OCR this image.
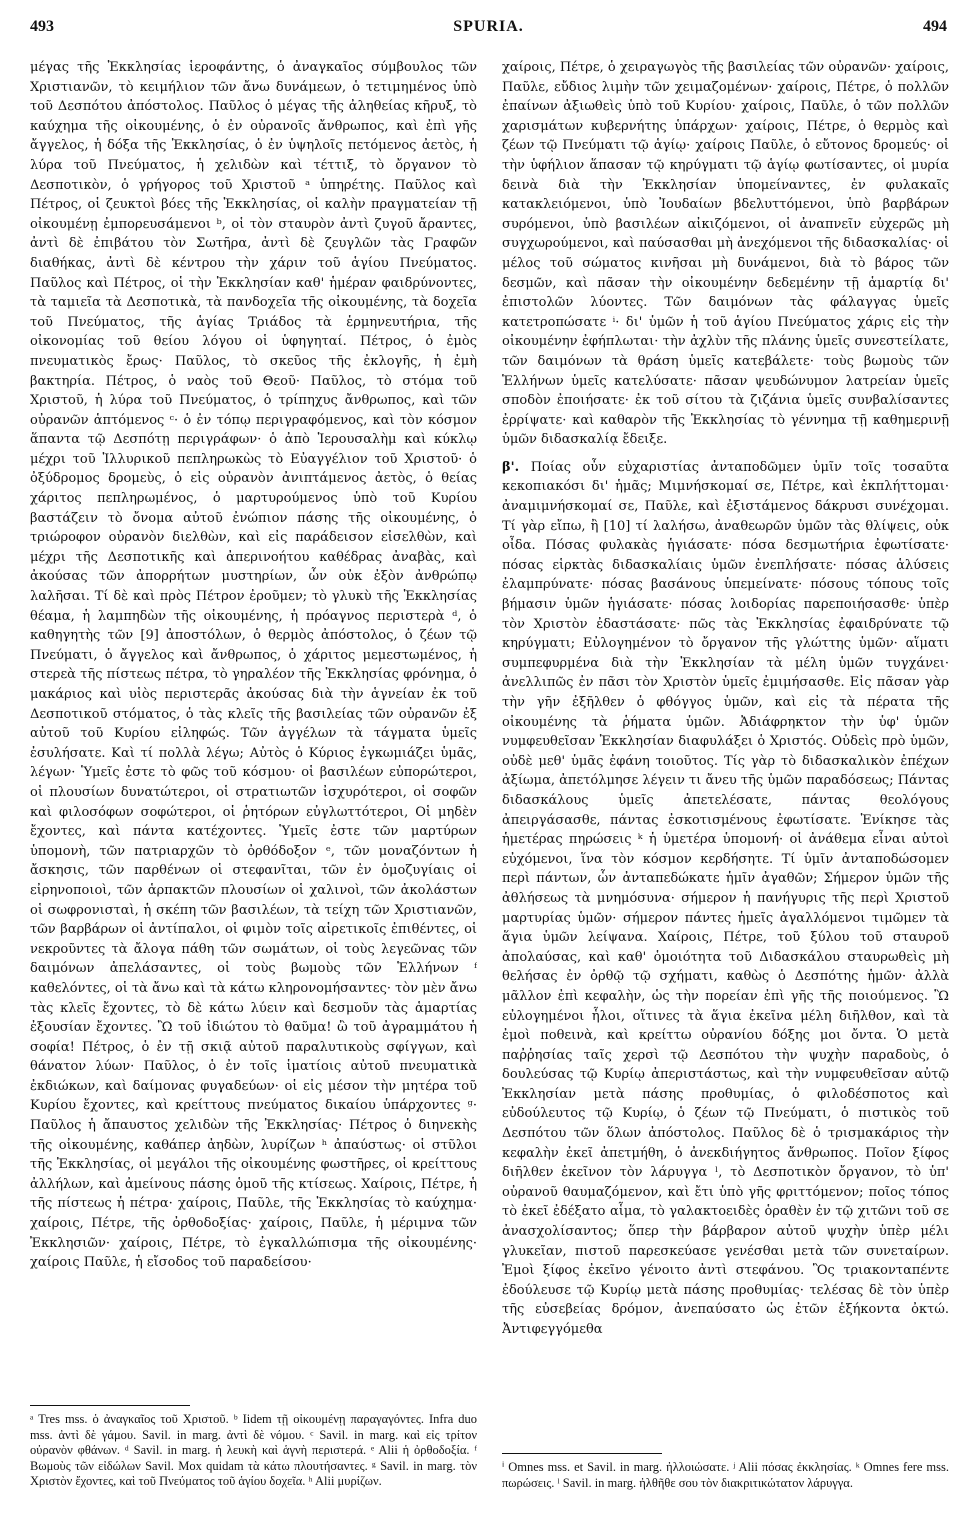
493	SPURIA.	494

μέγας τῆς Ἐκκλησίας ἱεροφάντης, ὁ ἀναγκαῖος σύμβουλος τῶν Χριστιανῶν, τὸ κειμήλιον τῶν ἄνω δυνάμεων, ὁ τετιμημένος ὑπὸ τοῦ Δεσπότου ἀπόστολος. Παῦλος ὁ μέγας τῆς ἀληθείας κῆρυξ, τὸ καύχημα τῆς οἰκουμένης, ὁ ἐν οὐρανοῖς ἄνθρωπος, καὶ ἐπὶ γῆς ἄγγελος, ἡ δόξα τῆς Ἐκκλησίας, ὁ ἐν ὑψηλοῖς πετόμενος ἀετὸς, ἡ λύρα τοῦ Πνεύματος, ἡ χελιδὼν καὶ τέττιξ, τὸ ὄργανον τὸ Δεσποτικὸν, ὁ γρήγορος τοῦ Χριστοῦ ᵃ ὑπηρέτης. Παῦλος καὶ Πέτρος, οἱ ζευκτοὶ βόες τῆς Ἐκκλησίας, οἱ καλὴν πραγματείαν τῇ οἰκουμένῃ ἐμπορευσάμενοι ᵇ, οἱ τὸν σταυρὸν ἀντὶ ζυγοῦ ἄραντες, ἀντὶ δὲ ἐπιβάτου τὸν Σωτῆρα, ἀντὶ δὲ ζευγλῶν τὰς Γραφῶν διαθήκας, ἀντὶ δὲ κέντρου τὴν χάριν τοῦ ἁγίου Πνεύματος. Παῦλος καὶ Πέτρος, οἱ τὴν Ἐκκλησίαν καθ' ἡμέραν φαιδρύνοντες, τὰ ταμιεῖα τὰ Δεσποτικὰ, τὰ πανδοχεῖα τῆς οἰκουμένης, τὰ δοχεῖα τοῦ Πνεύματος, τῆς ἁγίας Τριάδος τὰ ἑρμηνευτήρια, τῆς οἰκονομίας τοῦ θείου λόγου οἱ ὑφηγηταί. Πέτρος, ὁ ἐμὸς πνευματικὸς ἔρως· Παῦλος, τὸ σκεῦος τῆς ἐκλογῆς, ἡ ἐμὴ βακτηρία. Πέτρος, ὁ ναὸς τοῦ Θεοῦ· Παῦλος, τὸ στόμα τοῦ Χριστοῦ, ἡ λύρα τοῦ Πνεύματος, ὁ τρίπηχυς ἄνθρωπος, καὶ τῶν οὐρανῶν ἁπτόμενος ᶜ· ὁ ἐν τόπῳ περιγραφόμενος, καὶ τὸν κόσμον ἅπαντα τῷ Δεσπότῃ περιγράφων· ὁ ἀπὸ Ἱερουσαλὴμ καὶ κύκλῳ μέχρι τοῦ Ἰλλυρικοῦ πεπληρωκὼς τὸ Εὐαγγέλιον τοῦ Χριστοῦ· ὁ ὀξύδρομος δρομεὺς, ὁ εἰς οὐρανὸν ἀνιπτάμενος ἀετὸς, ὁ θείας χάριτος πεπληρωμένος, ὁ μαρτυρούμενος ὑπὸ τοῦ Κυρίου βαστάζειν τὸ ὄνομα αὐτοῦ ἐνώπιον πάσης τῆς οἰκουμένης, ὁ τριώροφον οὐρανὸν διελθὼν, καὶ εἰς παράδεισον εἰσελθὼν, καὶ μέχρι τῆς Δεσποτικῆς καὶ ἀπερινοήτου καθέδρας ἀναβὰς, καὶ ἀκούσας τῶν ἀπορρήτων μυστηρίων, ὧν οὐκ ἐξὸν ἀνθρώπῳ λαλῆσαι. Τί δὲ καὶ πρὸς Πέτρον ἐροῦμεν; τὸ γλυκὺ τῆς Ἐκκλησίας θέαμα, ἡ λαμπηδὼν τῆς οἰκουμένης, ἡ πρόαγνος περιστερὰ ᵈ, ὁ καθηγητὴς τῶν [9] ἀποστόλων, ὁ θερμὸς ἀπόστολος, ὁ ζέων τῷ Πνεύματι, ὁ ἄγγελος καὶ ἄνθρωπος, ὁ χάριτος μεμεστωμένος, ἡ στερεὰ τῆς πίστεως πέτρα, τὸ γηραλέον τῆς Ἐκκλησίας φρόνημα, ὁ μακάριος καὶ υἱὸς περιστερᾶς ἀκούσας διὰ τὴν ἁγνείαν ἐκ τοῦ Δεσποτικοῦ στόματος, ὁ τὰς κλεῖς τῆς βασιλείας τῶν οὐρανῶν ἐξ αὐτοῦ τοῦ Κυρίου εἰληφώς. Τῶν ἀγγέλων τὰ τάγματα ὑμεῖς ἐσυλήσατε. Καὶ τί πολλὰ λέγω; Αὐτὸς ὁ Κύριος ἐγκωμιάζει ὑμᾶς, λέγων· Ὑμεῖς ἐστε τὸ φῶς τοῦ κόσμου· οἱ βασιλέων εὐπορώτεροι, οἱ πλουσίων δυνατώτεροι, οἱ στρατιωτῶν ἰσχυρότεροι, οἱ σοφῶν καὶ φιλοσόφων σοφώτεροι, οἱ ῥητόρων εὐγλωττότεροι, Οἱ μηδὲν ἔχοντες, καὶ πάντα κατέχοντες. Ὑμεῖς ἐστε τῶν μαρτύρων ὑπομονὴ, τῶν πατριαρχῶν τὸ ὀρθόδοξον ᵉ, τῶν μοναζόντων ἡ ἄσκησις, τῶν παρθένων οἱ στεφανῖται, τῶν ἐν ὁμοζυγίαις οἱ εἰρηνοποιοὶ, τῶν ἁρπακτῶν πλουσίων οἱ χαλινοὶ, τῶν ἀκολάστων οἱ σωφρονισταὶ, ἡ σκέπη τῶν βασιλέων, τὰ τείχη τῶν Χριστιανῶν, τῶν βαρβάρων οἱ ἀντίπαλοι, οἱ φιμὸν τοῖς αἱρετικοῖς ἐπιθέντες, οἱ νεκροῦντες τὰ ἄλογα πάθη τῶν σωμάτων, οἱ τοὺς λεγεῶνας τῶν δαιμόνων ἀπελάσαντες, οἱ τοὺς βωμοὺς τῶν Ἑλλήνων ᶠ καθελόντες, οἱ τὰ ἄνω καὶ τὰ κάτω κληρονομήσαντες· τὸν μὲν ἄνω τὰς κλεῖς ἔχοντες, τὸ δὲ κάτω λύειν καὶ δεσμοῦν τὰς ἁμαρτίας ἐξουσίαν ἔχοντες. Ὢ τοῦ ἰδιώτου τὸ θαῦμα! ὢ τοῦ ἀγραμμάτου ἡ σοφία! Πέτρος, ὁ ἐν τῇ σκιᾷ αὐτοῦ παραλυτικοὺς σφίγγων, καὶ θάνατον λύων· Παῦλος, ὁ ἐν τοῖς ἱματίοις αὐτοῦ πνευματικὰ ἐκδιώκων, καὶ δαίμονας φυγαδεύων· οἱ εἰς μέσον τὴν μητέρα τοῦ Κυρίου ἔχοντες, καὶ κρείττους πνεύματος δικαίου ὑπάρχοντες ᵍ· Παῦλος ἡ ἄπαυστος χελιδὼν τῆς Ἐκκλησίας· Πέτρος ὁ διηνεκὴς τῆς οἰκουμένης, καθάπερ ἀηδὼν, λυρίζων ʰ ἀπαύστως· οἱ στῦλοι τῆς Ἐκκλησίας, οἱ μεγάλοι τῆς οἰκουμένης φωστῆρες, οἱ κρείττους ἀλλήλων, καὶ ἀμείνους πάσης ὁμοῦ τῆς κτίσεως. Χαίροις, Πέτρε, ἡ τῆς πίστεως ἡ πέτρα· χαίροις, Παῦλε, τῆς Ἐκκλησίας τὸ καύχημα· χαίροις, Πέτρε, τῆς ὀρθοδοξίας· χαίροις, Παῦλε, ἡ μέριμνα τῶν Ἐκκλησιῶν· χαίροις, Πέτρε, τὸ ἐγκαλλώπισμα τῆς οἰκουμένης· χαίροις Παῦλε, ἡ εἴσοδος τοῦ παραδείσου·

χαίροις, Πέτρε, ὁ χειραγωγὸς τῆς βασιλείας τῶν οὐρανῶν· χαίροις, Παῦλε, εὔδιος λιμὴν τῶν χειμαζομένων· χαίροις, Πέτρε, ὁ πολλῶν ἐπαίνων ἀξιωθεὶς ὑπὸ τοῦ Κυρίου· χαίροις, Παῦλε, ὁ τῶν πολλῶν χαρισμάτων κυβερνήτης ὑπάρχων· χαίροις, Πέτρε, ὁ θερμὸς καὶ ζέων τῷ Πνεύματι τῷ ἁγίῳ· χαίροις Παῦλε, ὁ εὔτονος δρομεύς· οἱ τὴν ὑφήλιον ἅπασαν τῷ κηρύγματι τῷ ἁγίῳ φωτίσαντες, οἱ μυρία δεινὰ διὰ τὴν Ἐκκλησίαν ὑπομείναντες, ἐν φυλακαῖς κατακλειόμενοι, ὑπὸ Ἰουδαίων βδελυττόμενοι, ὑπὸ βαρβάρων συρόμενοι, ὑπὸ βασιλέων αἰκιζόμενοι, οἱ ἀναπνεῖν εὐχερῶς μὴ συγχωρούμενοι, καὶ παύσασθαι μὴ ἀνεχόμενοι τῆς διδασκαλίας· οἱ μέλος τοῦ σώματος κινῆσαι μὴ δυνάμενοι, διὰ τὸ βάρος τῶν δεσμῶν, καὶ πᾶσαν τὴν οἰκουμένην δεδεμένην τῇ ἁμαρτίᾳ δι' ἐπιστολῶν λύοντες. Τῶν δαιμόνων τὰς φάλαγγας ὑμεῖς κατετροπώσατε ⁱ· δι' ὑμῶν ἡ τοῦ ἁγίου Πνεύματος χάρις εἰς τὴν οἰκουμένην ἐφήπλωται· τὴν ἀχλὺν τῆς πλάνης ὑμεῖς συνεστείλατε, τῶν δαιμόνων τὰ θράση ὑμεῖς κατεβάλετε· τοὺς βωμοὺς τῶν Ἑλλήνων ὑμεῖς κατελύσατε· πᾶσαν ψευδώνυμον λατρείαν ὑμεῖς σποδὸν ἐποιήσατε· ἐκ τοῦ σίτου τὰ ζιζάνια ὑμεῖς συνβαλίσαντες ἐρρίψατε· καὶ καθαρὸν τῆς Ἐκκλησίας τὸ γέννημα τῇ καθημερινῇ ὑμῶν διδασκαλίᾳ ἔδειξε.

β'. Ποίας οὖν εὐχαριστίας ἀνταποδῶμεν ὑμῖν τοῖς τοσαῦτα κεκοπιακόσι δι' ἡμᾶς; Μιμνήσκομαί σε, Πέτρε, καὶ ἐκπλήττομαι· ἀναμιμνήσκομαί σε, Παῦλε, καὶ ἐξιστάμενος δάκρυσι συνέχομαι. Τί γὰρ εἴπω, ἢ [10] τί λαλήσω, ἀναθεωρῶν ὑμῶν τὰς θλίψεις, οὐκ οἶδα. Πόσας φυλακὰς ἡγιάσατε· πόσα δεσμωτήρια ἐφωτίσατε· πόσας εἱρκτὰς διδασκαλίαις ὑμῶν ἐνεπλήσατε· πόσας ἁλύσεις ἐλαμπρύνατε· πόσας βασάνους ὑπεμείνατε· πόσους τόπους τοῖς βήμασιν ὑμῶν ἡγιάσατε· πόσας λοιδορίας παρεποιήσασθε· ὑπὲρ τὸν Χριστὸν ἐδαστάσατε· πῶς τὰς Ἐκκλησίας ἐφαιδρύνατε τῷ κηρύγματι; Εὐλογημένον τὸ ὄργανον τῆς γλώττης ὑμῶν· αἵματι συμπεφυρμένα διὰ τὴν Ἐκκλησίαν τὰ μέλη ὑμῶν τυγχάνει· ἀνελλιπῶς ἐν πᾶσι τὸν Χριστὸν ὑμεῖς ἐμιμήσασθε. Εἰς πᾶσαν γὰρ τὴν γῆν ἐξῆλθεν ὁ φθόγγος ὑμῶν, καὶ εἰς τὰ πέρατα τῆς οἰκουμένης τὰ ῥήματα ὑμῶν. Ἀδιάφρηκτον τὴν ὑφ' ὑμῶν νυμφευθεῖσαν Ἐκκλησίαν διαφυλάξει ὁ Χριστός. Οὐδεὶς πρὸ ὑμῶν, οὐδὲ μεθ' ὑμᾶς ἐφάνη τοιοῦτος. Τίς γὰρ τὸ διδασκαλικὸν ἐπέχων ἀξίωμα, ἀπετόλμησε λέγειν τι ἄνευ τῆς ὑμῶν παραδόσεως; Πάντας διδασκάλους ὑμεῖς ἀπετελέσατε, πάντας θεολόγους ἀπειργάσασθε, πάντας ἐσκοτισμένους ἐφωτίσατε. Ἐνίκησε τὰς ἡμετέρας πηρώσεις ᵏ ἡ ὑμετέρα ὑπομονή· οἱ ἀνάθεμα εἶναι αὐτοὶ εὐχόμενοι, ἵνα τὸν κόσμον κερδήσητε. Τί ὑμῖν ἀνταποδώσομεν περὶ πάντων, ὧν ἀνταπεδώκατε ἡμῖν ἀγαθῶν; Σήμερον ὑμῶν τῆς ἀθλήσεως τὰ μνημόσυνα· σήμερον ἡ πανήγυρις τῆς περὶ Χριστοῦ μαρτυρίας ὑμῶν· σήμερον πάντες ἡμεῖς ἀγαλλόμενοι τιμῶμεν τὰ ἅγια ὑμῶν λείψανα. Χαίροις, Πέτρε, τοῦ ξύλου τοῦ σταυροῦ ἀπολαύσας, καὶ καθ' ὁμοιότητα τοῦ Διδασκάλου σταυρωθεὶς μὴ θελήσας ἐν ὀρθῷ τῷ σχήματι, καθὼς ὁ Δεσπότης ἡμῶν· ἀλλὰ μᾶλλον ἐπὶ κεφαλὴν, ὡς τὴν πορείαν ἐπὶ γῆς τῆς ποιούμενος. Ὢ εὐλογημένοι ἧλοι, οἵτινες τὰ ἅγια ἐκεῖνα μέλη διῆλθον, καὶ τὰ ἐμοὶ ποθεινὰ, καὶ κρείττω οὐρανίου δόξης μοι ὄντα. Ὁ μετὰ παῤῥησίας ταῖς χερσὶ τῷ Δεσπότου τὴν ψυχὴν παραδοὺς, ὁ δουλεύσας τῷ Κυρίῳ ἀπεριστάστως, καὶ τὴν νυμφευθεῖσαν αὐτῷ Ἐκκλησίαν μετὰ πάσης προθυμίας, ὁ φιλοδέσποτος καὶ εὐδούλευτος τῷ Κυρίῳ, ὁ ζέων τῷ Πνεύματι, ὁ πιστικὸς τοῦ Δεσπότου τῶν ὅλων ἀπόστολος. Παῦλος δὲ ὁ τρισμακάριος τὴν κεφαλὴν ἐκεῖ ἀπετμήθη, ὁ ἀνεκδιήγητος ἄνθρωπος. Ποῖον ξίφος διῆλθεν ἐκεῖνον τὸν λάρυγγα ˡ, τὸ Δεσποτικὸν ὄργανον, τὸ ὑπ' οὐρανοῦ θαυμαζόμενον, καὶ ἔτι ὑπὸ γῆς φριττόμενον; ποῖος τόπος τὸ ἐκεῖ ἐδέξατο αἷμα, τὸ γαλακτοειδὲς ὁραθὲν ἐν τῷ χιτῶνι τοῦ σε ἀνασχολίσαντος; ὅπερ τὴν βάρβαρον αὐτοῦ ψυχὴν ὑπὲρ μέλι γλυκεῖαν, πιστοῦ παρεσκεύασε γενέσθαι μετὰ τῶν συνεταίρων. Ἐμοὶ ξίφος ἐκεῖνο γένοιτο ἀντὶ στεφάνου. Ὃς τριακονταπέντε ἐδούλευσε τῷ Κυρίῳ μετὰ πάσης προθυμίας· τελέσας δὲ τὸν ὑπὲρ τῆς εὐσεβείας δρόμον, ἀνεπαύσατο ὡς ἐτῶν ἑξήκοντα ὀκτώ. Ἀντιφεγγόμεθα

ᵃ Tres mss. ὁ ἀναγκαῖος τοῦ Χριστοῦ. ᵇ Iidem τῇ οἰκουμένῃ παραγαγόντες. Infra duo mss. ἀντὶ δὲ γάμου. Savil. in marg. ἀντὶ δὲ νόμου. ᶜ Savil. in marg. καὶ εἰς τρίτον οὐρανὸν φθάνων. ᵈ Savil. in marg. ἡ λευκὴ καὶ ἁγνὴ περιστερά. ᵉ Alii ἡ ὀρθοδοξία. ᶠ Βωμοὺς τῶν εἰδώλων Savil. Mox quidam τὰ κάτω πλουτήσαντες. ᵍ Savil. in marg. τὸν Χριστὸν ἔχοντες, καὶ τοῦ Πνεύματος τοῦ ἁγίου δοχεῖα. ʰ Alii μυρίζων.

ⁱ Omnes mss. et Savil. in marg. ἠλλοιώσατε. ʲ Alii πόσας ἐκκλησίας. ᵏ Omnes fere mss. πωρώσεις. ˡ Savil. in marg. ἠλθῆθε σου τὸν διακριτικώτατον λάρυγγα.
